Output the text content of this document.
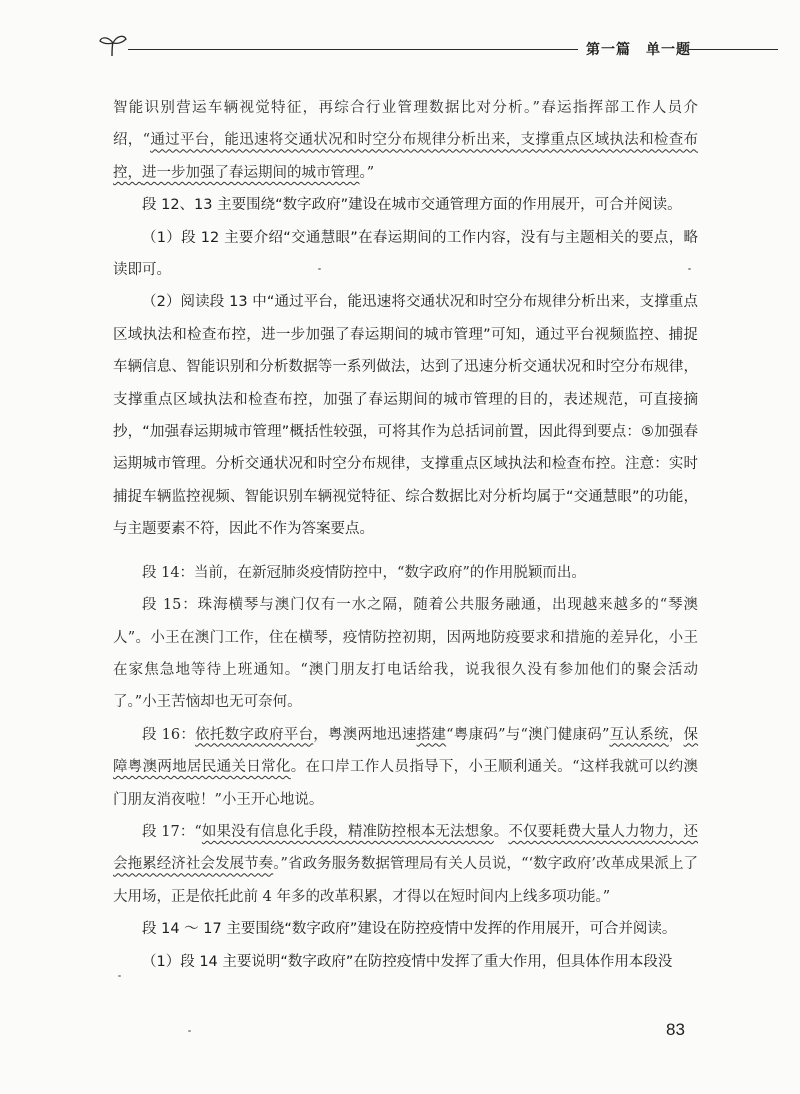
第一篇　单一题

智能识别营运车辆视觉特征，再综合行业管理数据比对分析。”春运指挥部工作人员介绍，“通过平台，能迅速将交通状况和时空分布规律分析出来，支撑重点区域执法和检查布控，进一步加强了春运期间的城市管理。”

段 12、13 主要围绕“数字政府”建设在城市交通管理方面的作用展开，可合并阅读。

（1）段 12 主要介绍“交通慧眼”在春运期间的工作内容，没有与主题相关的要点，略读即可。

（2）阅读段 13 中“通过平台，能迅速将交通状况和时空分布规律分析出来，支撑重点区域执法和检查布控，进一步加强了春运期间的城市管理”可知，通过平台视频监控、捕捉车辆信息、智能识别和分析数据等一系列做法，达到了迅速分析交通状况和时空分布规律，支撑重点区域执法和检查布控，加强了春运期间的城市管理的目的，表述规范，可直接摘抄，“加强春运期城市管理”概括性较强，可将其作为总括词前置，因此得到要点：⑤加强春运期城市管理。分析交通状况和时空分布规律，支撑重点区域执法和检查布控。注意：实时捕捉车辆监控视频、智能识别车辆视觉特征、综合数据比对分析均属于“交通慧眼”的功能，与主题要素不符，因此不作为答案要点。

段 14：当前，在新冠肺炎疫情防控中，“数字政府”的作用脱颖而出。

段 15：珠海横琴与澳门仅有一水之隔，随着公共服务融通，出现越来越多的“琴澳人”。小王在澳门工作，住在横琴，疫情防控初期，因两地防疫要求和措施的差异化，小王在家焦急地等待上班通知。“澳门朋友打电话给我，说我很久没有参加他们的聚会活动了。”小王苦恼却也无可奈何。

段 16：依托数字政府平台，粤澳两地迅速搭建“粤康码”与“澳门健康码”互认系统，保障粤澳两地居民通关日常化。在口岸工作人员指导下，小王顺利通关。“这样我就可以约澳门朋友消夜啦！”小王开心地说。

段 17：“如果没有信息化手段，精准防控根本无法想象。不仅要耗费大量人力物力，还会拖累经济社会发展节奏。”省政务服务数据管理局有关人员说，“‘数字政府’改革成果派上了大用场，正是依托此前 4 年多的改革积累，才得以在短时间内上线多项功能。”

段 14 ～ 17 主要围绕“数字政府”建设在防控疫情中发挥的作用展开，可合并阅读。

（1）段 14 主要说明“数字政府”在防控疫情中发挥了重大作用，但具体作用本段没

83
